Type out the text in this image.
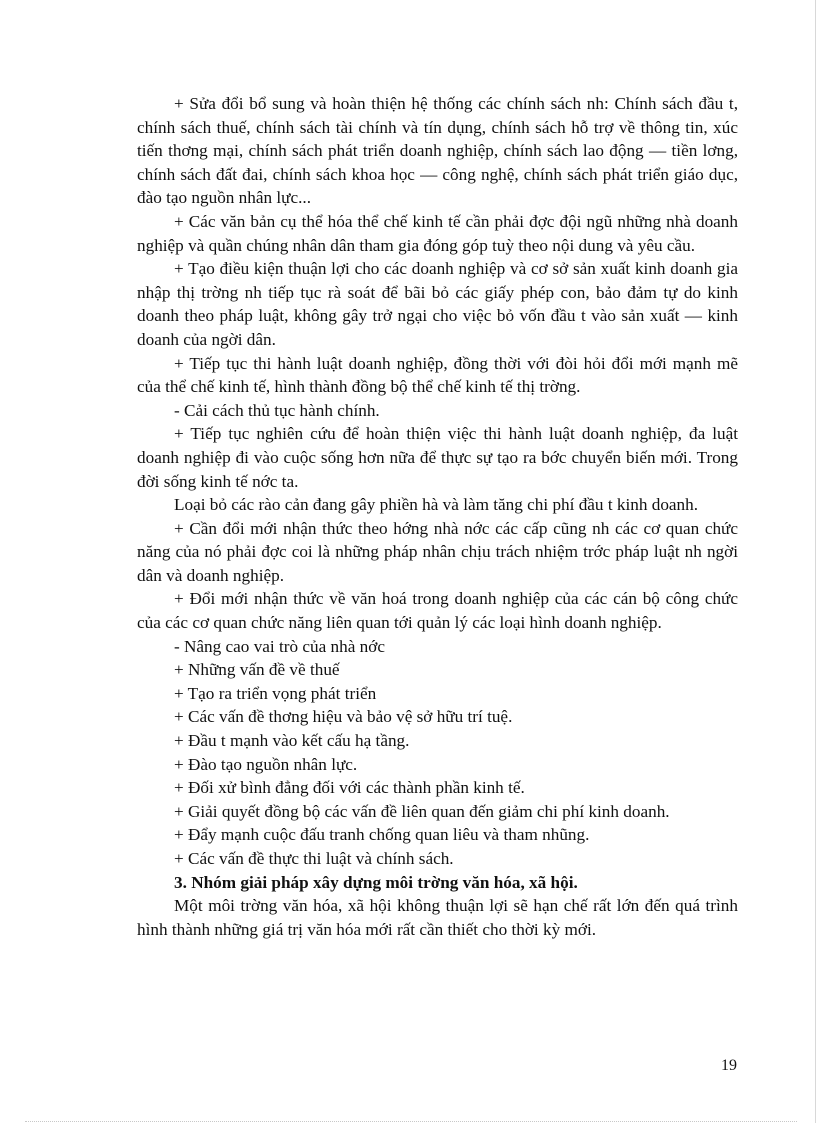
+ Sửa đổi bổ sung và hoàn thiện hệ thống các chính sách nh: Chính sách đầu t, chính sách thuế, chính sách tài chính và tín dụng, chính sách hỗ trợ về thông tin, xúc tiến thơng mại, chính sách phát triển doanh nghiệp, chính sách lao động — tiền lơng, chính sách đất đai, chính sách khoa học — công nghệ, chính sách phát triển giáo dục, đào tạo nguồn nhân lực...

+ Các văn bản cụ thể hóa thể chế kinh tế cần phải đợc đội ngũ những nhà doanh nghiệp và quần chúng nhân dân tham gia đóng góp tuỳ theo nội dung và yêu cầu.

+ Tạo điều kiện thuận lợi cho các doanh nghiệp và cơ sở sản xuất kinh doanh gia nhập thị trờng nh tiếp tục rà soát để bãi bỏ các giấy phép con, bảo đảm tự do kinh doanh theo pháp luật, không gây trở ngại cho việc bỏ vốn đầu t vào sản xuất — kinh doanh của ngời dân.

+ Tiếp tục thi hành luật doanh nghiệp, đồng thời với đòi hỏi đổi mới mạnh mẽ của thể chế kinh tế, hình thành đồng bộ thể chế kinh tế thị trờng.

- Cải cách thủ tục hành chính.

+ Tiếp tục nghiên cứu để hoàn thiện việc thi hành luật doanh nghiệp, đa luật doanh nghiệp đi vào cuộc sống hơn nữa để thực sự tạo ra bớc chuyển biến mới. Trong đời sống kinh tế nớc ta.

Loại bỏ các rào cản đang gây phiền hà và làm tăng chi phí đầu t kinh doanh.

+ Cần đổi mới nhận thức theo hớng nhà nớc các cấp cũng nh các cơ quan chức năng của nó phải đợc coi là những pháp nhân chịu trách nhiệm trớc pháp luật nh ngời dân và doanh nghiệp.

+ Đổi mới nhận thức về văn hoá trong doanh nghiệp của các cán bộ công chức của các cơ quan chức năng liên quan tới quản lý các loại hình doanh nghiệp.

- Nâng cao vai trò của nhà nớc

+ Những vấn đề về thuế

+ Tạo ra triển vọng phát triển

+ Các vấn đề thơng hiệu và bảo vệ sở hữu trí tuệ.

+ Đầu t mạnh vào kết cấu hạ tầng.

+ Đào tạo nguồn nhân lực.

+ Đối xử bình đẳng đối với các thành phần kinh tế.

+ Giải quyết đồng bộ các vấn đề liên quan đến giảm chi phí kinh doanh.

+ Đẩy mạnh cuộc đấu tranh chống quan liêu và tham nhũng.

+ Các vấn đề thực thi luật và chính sách.

3. Nhóm giải pháp xây dựng môi trờng văn hóa, xã hội.

Một môi trờng văn hóa, xã hội không thuận lợi sẽ hạn chế rất lớn đến quá trình hình thành những giá trị văn hóa mới rất cần thiết cho thời kỳ mới.

19
